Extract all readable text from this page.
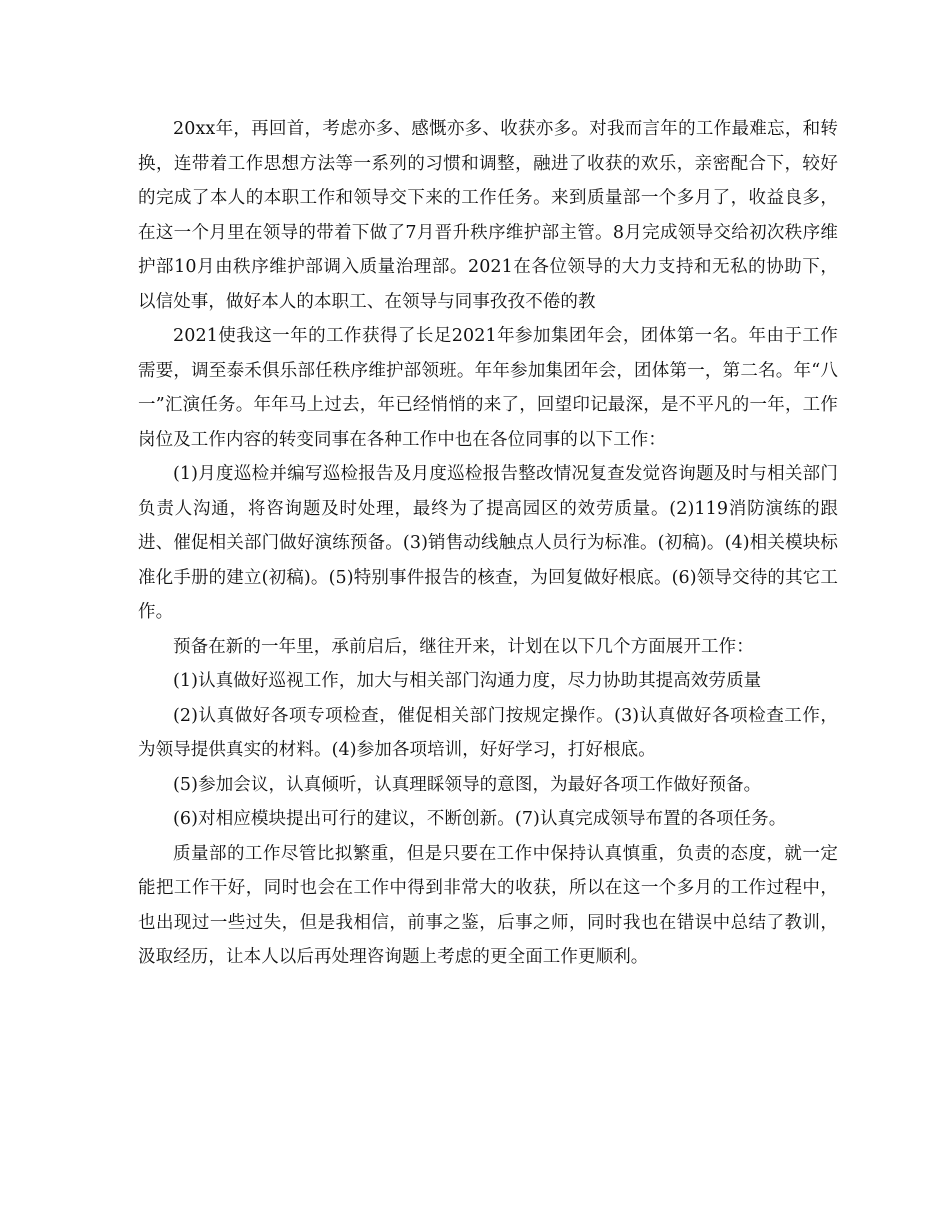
20xx年，再回首，考虑亦多、感慨亦多、收获亦多。对我而言年的工作最难忘，和转换，连带着工作思想方法等一系列的习惯和调整，融进了收获的欢乐，亲密配合下，较好的完成了本人的本职工作和领导交下来的工作任务。来到质量部一个多月了，收益良多，在这一个月里在领导的带着下做了7月晋升秩序维护部主管。8月完成领导交给初次秩序维护部10月由秩序维护部调入质量治理部。2021在各位领导的大力支持和无私的协助下，以信处事，做好本人的本职工、在领导与同事孜孜不倦的教

2021使我这一年的工作获得了长足2021年参加集团年会，团体第一名。年由于工作需要，调至泰禾俱乐部任秩序维护部领班。年年参加集团年会，团体第一，第二名。年“八一”汇演任务。年年马上过去，年已经悄悄的来了，回望印记最深，是不平凡的一年，工作岗位及工作内容的转变同事在各种工作中也在各位同事的以下工作：

(1)月度巡检并编写巡检报告及月度巡检报告整改情况复查发觉咨询题及时与相关部门负责人沟通，将咨询题及时处理，最终为了提高园区的效劳质量。(2)119消防演练的跟进、催促相关部门做好演练预备。(3)销售动线触点人员行为标准。(初稿)。(4)相关模块标准化手册的建立(初稿)。(5)特别事件报告的核查，为回复做好根底。(6)领导交待的其它工作。

预备在新的一年里，承前启后，继往开来，计划在以下几个方面展开工作：

(1)认真做好巡视工作，加大与相关部门沟通力度，尽力协助其提高效劳质量

(2)认真做好各项专项检查，催促相关部门按规定操作。(3)认真做好各项检查工作，为领导提供真实的材料。(4)参加各项培训，好好学习，打好根底。

(5)参加会议，认真倾听，认真理睬领导的意图，为最好各项工作做好预备。

(6)对相应模块提出可行的建议，不断创新。(7)认真完成领导布置的各项任务。

质量部的工作尽管比拟繁重，但是只要在工作中保持认真慎重，负责的态度，就一定能把工作干好，同时也会在工作中得到非常大的收获，所以在这一个多月的工作过程中，也出现过一些过失，但是我相信，前事之鉴，后事之师，同时我也在错误中总结了教训，汲取经历，让本人以后再处理咨询题上考虑的更全面工作更顺利。
